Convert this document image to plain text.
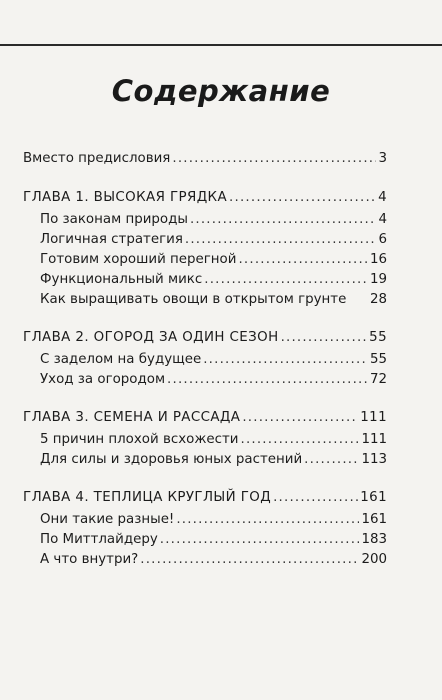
Содержание
Вместо предисловия .....	3
ГЛАВА 1. ВЫСОКАЯ ГРЯДКА .....	4
По законам природы .....	4
Логичная стратегия .....	6
Готовим хороший перегной .....	16
Функциональный микс .....	19
Как выращивать овощи в открытом грунте 28
ГЛАВА 2. ОГОРОД ЗА ОДИН СЕЗОН .....	55
С заделом на будущее .....	55
Уход за огородом .....	72
ГЛАВА 3. СЕМЕНА И РАССАДА .....	111
5 причин плохой всхожести .....	111
Для силы и здоровья юных растений .....	113
ГЛАВА 4. ТЕПЛИЦА КРУГЛЫЙ ГОД .....	161
Они такие разные! .....	161
По Миттлайдеру .....	183
А что внутри? .....	200
